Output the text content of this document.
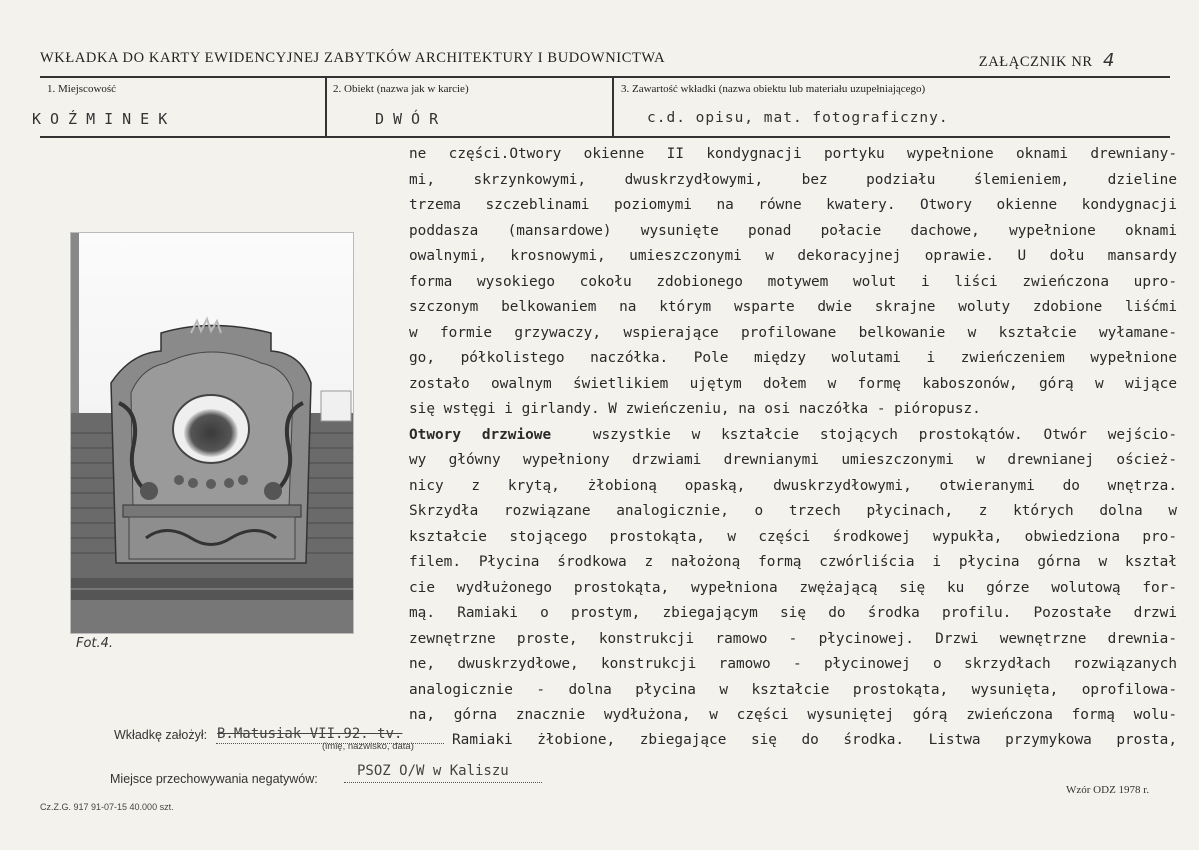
WKŁADKA DO KARTY EWIDENCYJNEJ ZABYTKÓW ARCHITEKTURY I BUDOWNICTWA	ZAŁĄCZNIK NR 4
1. Miejscowość
KOŹMINEK
2. Obiekt (nazwa jak w karcie)
DWÓR
3. Zawartość wkładki (nazwa obiektu lub materiału uzupełniającego)
c.d. opisu, mat. fotograficzny.
Fot.4.
ne części.Otwory okienne II kondygnacji portyku wypełnione oknami drewniany-
mi, skrzynkowymi, dwuskrzydłowymi, bez podziału ślemieniem, dzieline
trzema szczeblinami poziomymi na równe kwatery. Otwory okienne kondygnacji
poddasza (mansardowe) wysunięte ponad połacie dachowe, wypełnione oknami
owalnymi, krosnowymi, umieszczonymi w dekoracyjnej oprawie. U dołu mansardy
forma wysokiego cokołu zdobionego motywem wolut i liści zwieńczona upro-
szczonym belkowaniem na którym wsparte dwie skrajne woluty zdobione liśćmi
w formie grzywaczy, wspierające profilowane belkowanie w kształcie wyłamane-
go, półkolistego naczółka. Pole między wolutami i zwieńczeniem wypełnione
zostało owalnym świetlikiem ujętym dołem w formę kaboszonów, górą w wijące
się wstęgi i girlandy. W zwieńczeniu, na osi naczółka - pióropusz.
Otwory drzwiowe	wszystkie w kształcie stojących prostokątów. Otwór wejścio-
wy główny wypełniony drzwiami drewnianymi umieszczonymi w drewnianej oścież-
nicy z krytą, żłobioną opaską, dwuskrzydłowymi, otwieranymi do wnętrza.
Skrzydła rozwiązane analogicznie, o trzech płycinach, z których dolna w
kształcie stojącego prostokąta, w części środkowej wypukła, obwiedziona pro-
filem. Płycina środkowa z nałożoną formą czwórliścia i płycina górna w kształ
cie wydłużonego prostokąta, wypełniona zwężającą się ku górze wolutową for-
mą. Ramiaki o prostym, zbiegającym się do środka profilu. Pozostałe drzwi
zewnętrzne proste, konstrukcji ramowo - płycinowej. Drzwi wewnętrzne drewnia-
ne, dwuskrzydłowe, konstrukcji ramowo - płycinowej o skrzydłach rozwiązanych
analogicznie - dolna płycina w kształcie prostokąta, wysunięta, oprofilowa-
na, górna znacznie wydłużona, w części wysuniętej górą zwieńczona formą wolu-
Ramiaki żłobione, zbiegające się do środka. Listwa przymykowa prosta,
Wkładkę założył: B.Matusiak VII.92. tv.
(imię, nazwisko, data)
Miejsce przechowywania negatywów:	PSOZ O/W w Kaliszu
Cz.Z.G. 917 91-07-15 40.000 szt.
Wzór ODZ 1978 r.
